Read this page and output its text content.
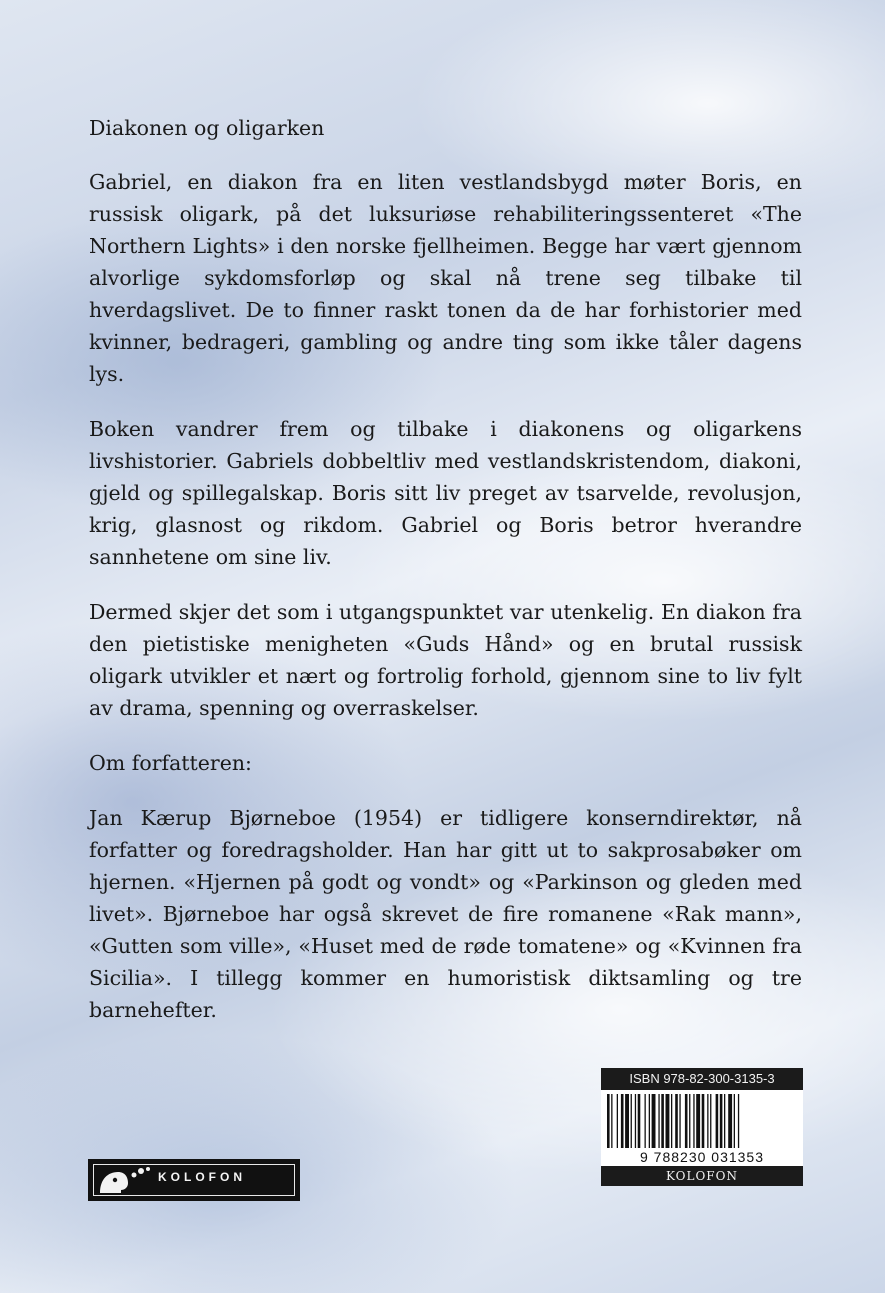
Diakonen og oligarken

Gabriel, en diakon fra en liten vestlandsbygd møter Boris, en russisk oligark, på det luksuriøse rehabiliteringssenteret «The Northern Lights» i den norske fjellheimen. Begge har vært gjennom alvorlige sykdomsforløp og skal nå trene seg tilbake til hverdagslivet. De to finner raskt tonen da de har forhistorier med kvinner, bedrageri, gambling og andre ting som ikke tåler dagens lys.

Boken vandrer frem og tilbake i diakonens og oligarkens livshistorier. Gabriels dobbeltliv med vestlandskristendom, diakoni, gjeld og spillegalskap. Boris sitt liv preget av tsarvelde, revolusjon, krig, glasnost og rikdom. Gabriel og Boris betror hverandre sannhetene om sine liv.

Dermed skjer det som i utgangspunktet var utenkelig. En diakon fra den pietistiske menigheten «Guds Hånd» og en brutal russisk oligark utvikler et nært og fortrolig forhold, gjennom sine to liv fylt av drama, spenning og overraskelser.

Om forfatteren:

Jan Kærup Bjørneboe (1954) er tidligere konserndirektør, nå forfatter og foredragsholder. Han har gitt ut to sakprosabøker om hjernen. «Hjernen på godt og vondt» og «Parkinson og gleden med livet». Bjørneboe har også skrevet de fire romanene «Rak mann», «Gutten som ville», «Huset med de røde tomatene» og «Kvinnen fra Sicilia». I tillegg kommer en humoristisk diktsamling og tre barnehefter.

ISBN 978-82-300-3135-3
9 788230 031353
KOLOFON
KOLOFON
